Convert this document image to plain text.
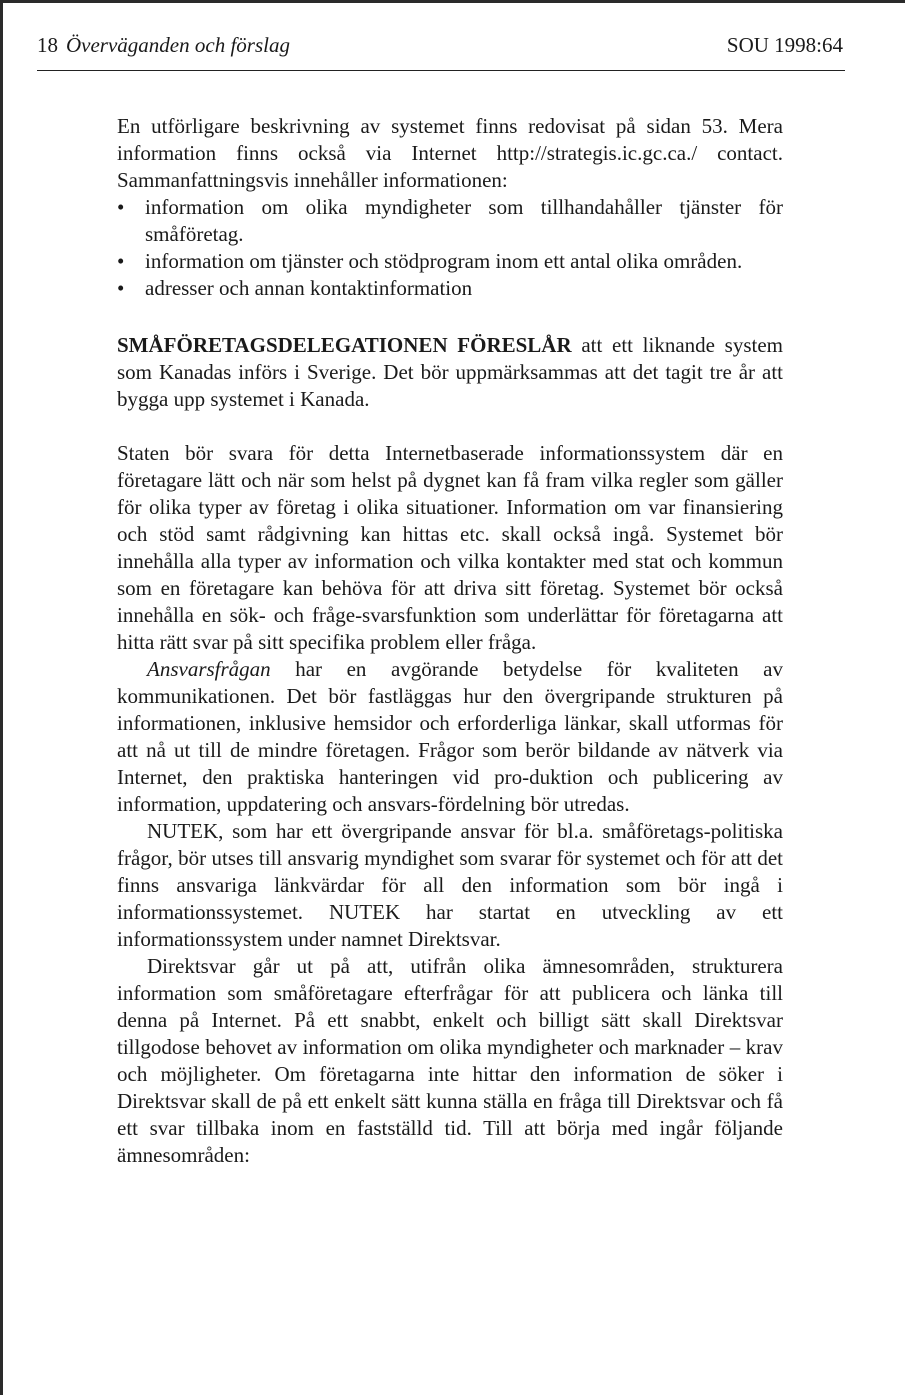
18 Överväganden och förslag	SOU 1998:64

En utförligare beskrivning av systemet finns redovisat på sidan 53. Mera information finns också via Internet http://strategis.ic.gc.ca./ contact. Sammanfattningsvis innehåller informationen:

• information om olika myndigheter som tillhandahåller tjänster för småföretag.
• information om tjänster och stödprogram inom ett antal olika områden.
• adresser och annan kontaktinformation

SMÅFÖRETAGSDELEGATIONEN FÖRESLÅR att ett liknande system som Kanadas införs i Sverige. Det bör uppmärksammas att det tagit tre år att bygga upp systemet i Kanada.

Staten bör svara för detta Internetbaserade informationssystem där en företagare lätt och när som helst på dygnet kan få fram vilka regler som gäller för olika typer av företag i olika situationer. Information om var finansiering och stöd samt rådgivning kan hittas etc. skall också ingå. Systemet bör innehålla alla typer av information och vilka kontakter med stat och kommun som en företagare kan behöva för att driva sitt företag. Systemet bör också innehålla en sök- och fråge-svarsfunktion som underlättar för företagarna att hitta rätt svar på sitt specifika problem eller fråga.

Ansvarsfrågan har en avgörande betydelse för kvaliteten av kommunikationen. Det bör fastläggas hur den övergripande strukturen på informationen, inklusive hemsidor och erforderliga länkar, skall utformas för att nå ut till de mindre företagen. Frågor som berör bildande av nätverk via Internet, den praktiska hanteringen vid pro-duktion och publicering av information, uppdatering och ansvars-fördelning bör utredas.

NUTEK, som har ett övergripande ansvar för bl.a. småföretags-politiska frågor, bör utses till ansvarig myndighet som svarar för systemet och för att det finns ansvariga länkvärdar för all den information som bör ingå i informationssystemet. NUTEK har startat en utveckling av ett informationssystem under namnet Direktsvar.

Direktsvar går ut på att, utifrån olika ämnesområden, strukturera information som småföretagare efterfrågar för att publicera och länka till denna på Internet. På ett snabbt, enkelt och billigt sätt skall Direktsvar tillgodose behovet av information om olika myndigheter och marknader – krav och möjligheter. Om företagarna inte hittar den information de söker i Direktsvar skall de på ett enkelt sätt kunna ställa en fråga till Direktsvar och få ett svar tillbaka inom en fastställd tid. Till att börja med ingår följande ämnesområden:
